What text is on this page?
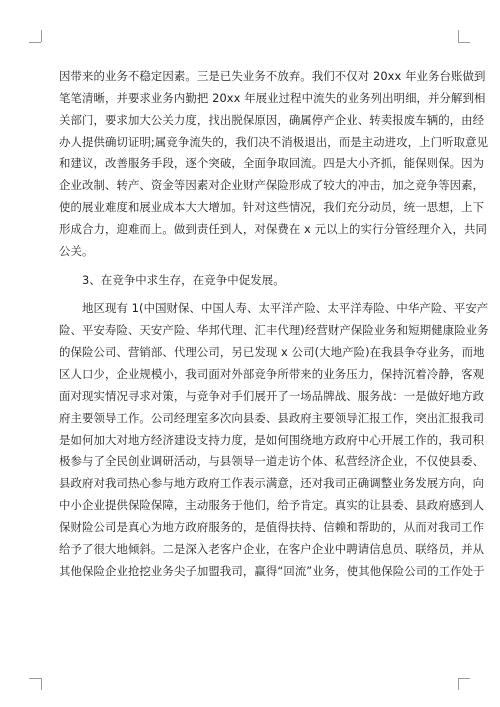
因带来的业务不稳定因素。三是已失业务不放弃。我们不仅对 20xx 年业务台账做到
笔笔清晰，并要求业务内勤把 20xx 年展业过程中流失的业务列出明细，并分解到相
关部门，要求加大公关力度，找出脱保原因，确属停产企业、转卖报废车辆的，由经
办人提供确切证明;属竞争流失的，我们决不消极退出，而是主动进攻，上门听取意见
和建议，改善服务手段，逐个突破，全面争取回流。四是大小齐抓，能保则保。因为
企业改制、转产、资金等因素对企业财产保险形成了较大的冲击，加之竞争等因素，
使的展业难度和展业成本大大增加。针对这些情况，我们充分动员，统一思想，上下
形成合力，迎难而上。做到责任到人，对保费在 x 元以上的实行分管经理介入，共同
公关。
3、在竞争中求生存，在竞争中促发展。
地区现有 1(中国财保、中国人寿、太平洋产险、太平洋寿险、中华产险、平安产
险、平安寿险、天安产险、华邦代理、汇丰代理)经营财产保险业务和短期健康险业务
的保险公司、营销部、代理公司，另已发现 x 公司(大地产险)在我县争夺业务，而地
区人口少，企业规模小，我司面对外部竞争所带来的业务压力，保持沉着冷静，客观
面对现实情况寻求对策，与竞争对手们展开了一场品牌战、服务战：一是做好地方政
府主要领导工作。公司经理室多次向县委、县政府主要领导汇报工作，突出汇报我司
是如何加大对地方经济建设支持力度，是如何围绕地方政府中心开展工作的，我司积
极参与了全民创业调研活动，与县领导一道走访个体、私营经济企业，不仅使县委、
县政府对我司热心参与地方政府工作表示满意，还对我司正确调整业务发展方向，向
中小企业提供保险保障，主动服务于他们，给予肯定。真实的让县委、县政府感到人
保财险公司是真心为地方政府服务的，是值得扶持、信赖和帮助的，从而对我司工作
给予了很大地倾斜。二是深入老客户企业，在客户企业中聘请信息员、联络员，并从
其他保险企业抢挖业务尖子加盟我司，赢得“回流”业务，使其他保险公司的工作处于
